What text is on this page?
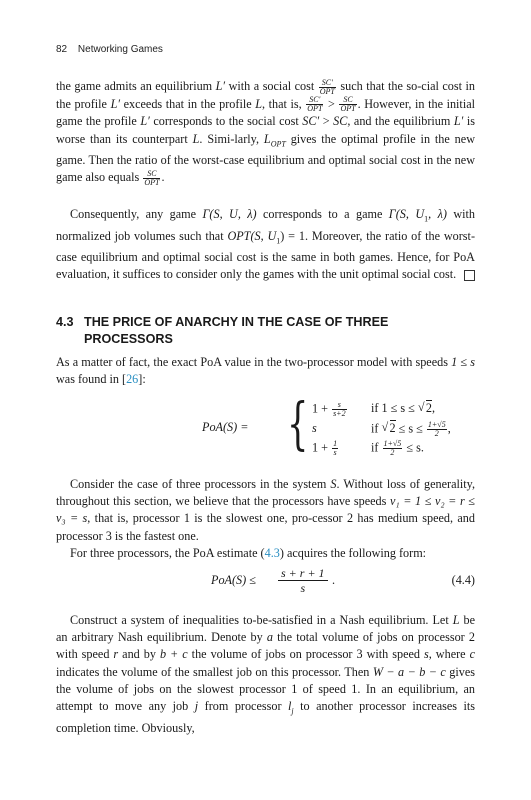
82 Networking Games

the game admits an equilibrium L′ with a social cost $\frac{SC'}{\text{OPT}}$ such that the so-cial cost in the profile L′ exceeds that in the profile L, that is, $\frac{SC'}{\text{OPT}} > \frac{SC}{\text{OPT}}$ . However, in the initial game the profile L′ corresponds to the social cost SC′ > SC, and the equilibrium L′ is worse than its counterpart L. Simi-larly, $L_{OPT}$ gives the optimal profile in the new game. Then the ratio of the worst-case equilibrium and optimal social cost in the new game also equals $\frac{SC}{\text{OPT}}$ .

Consequently, any game Γ(S, U, λ) corresponds to a game Γ(S, $U_1$, λ) with normalized job volumes such that OPT(S, $U_1) = 1$. Moreover, the ratio of the worst-case equilibrium and optimal social cost is the same in both games. Hence, for PoA evaluation, it suffices to consider only the games with the unit optimal social cost.

4.3 THE PRICE OF ANARCHY IN THE CASE OF THREE PROCESSORS

As a matter of fact, the exact PoA value in the two-processor model with speeds 1 ≤ s was found in [26]:

PoA(S) = { $1 + \frac{s}{s+2}$ if 1 ≤ s ≤ √ 2,
s	if √ $2 \le s \le \frac{1+√5}{2}$ ,
$1 + \frac{1}{s}$	if $\frac{1+√5}{2} \le s$.

Consider the case of three processors in the system S. Without loss of generality, throughout this section, we believe that the processors have speeds v₁ = 1 ≤ v₂ = r ≤ v₃ = s, that is, processor 1 is the slowest one, pro-cessor 2 has medium speed, and processor 3 is the fastest one.

For three processors, the PoA estimate (4.3) acquires the following form:

PoA(S) ≤ s + r + 1
s
.	(4.4)

Construct a system of inequalities to-be-satisfied in a Nash equilibrium. Let L be an arbitrary Nash equilibrium. Denote by a the total volume of jobs on processor 2 with speed r and by b + c the volume of jobs on processor 3 with speed s, where c indicates the volume of the smallest job on this processor. Then W − a − b − c gives the volume of jobs on the slowest processor 1 of speed 1. In an equilibrium, an attempt to move any job j from processor $l_j$ to another processor increases its completion time. Obviously,
